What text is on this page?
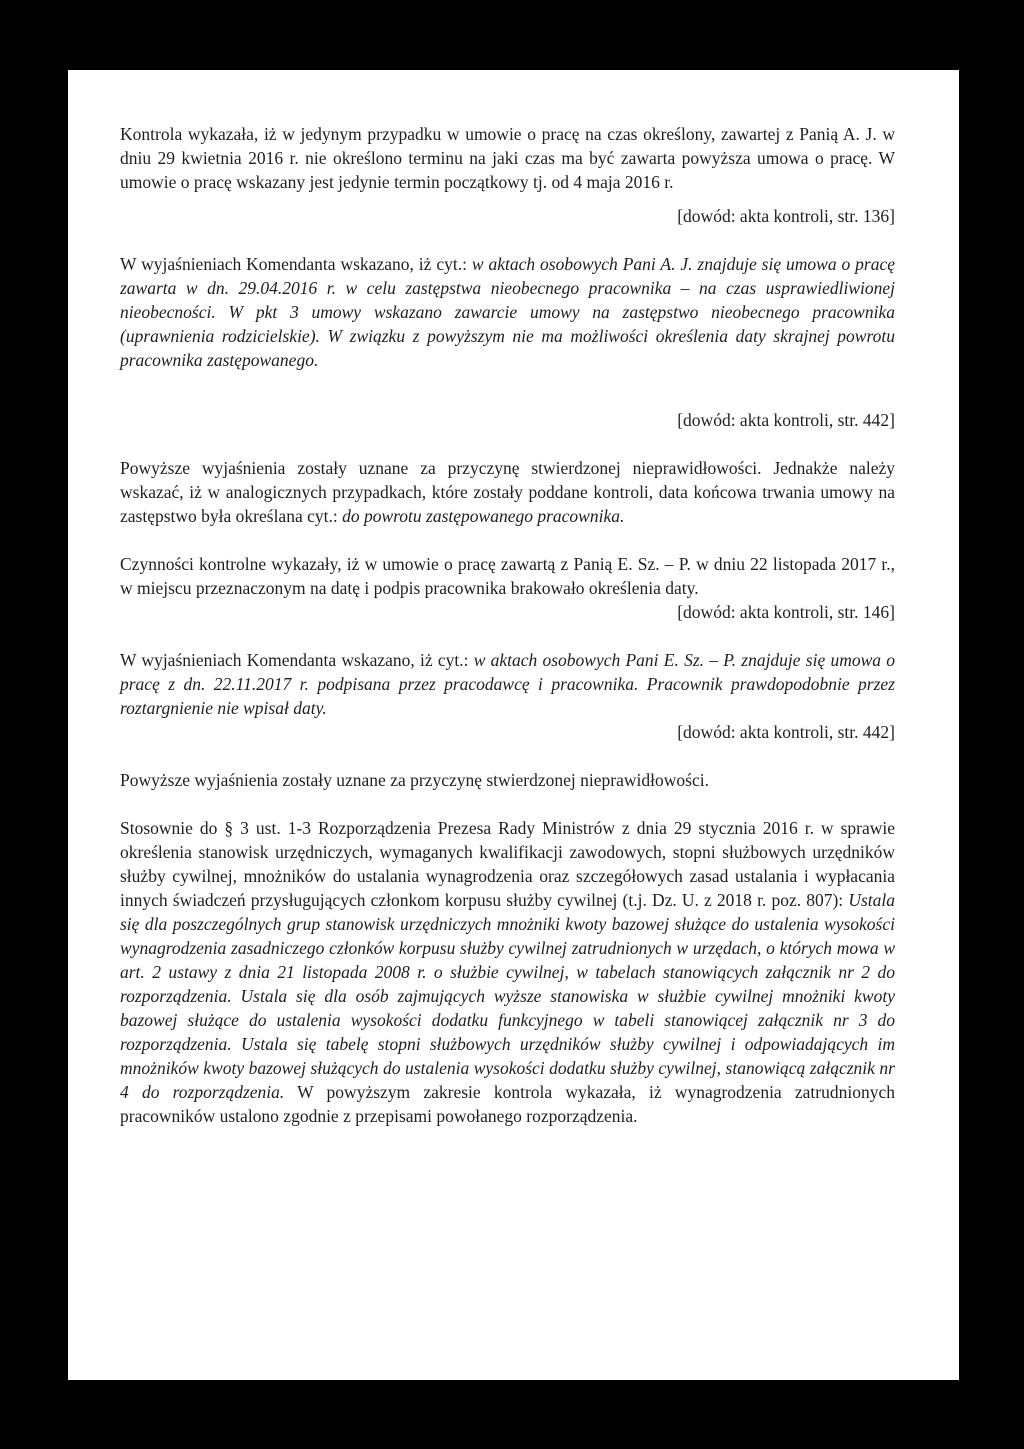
Kontrola wykazała, iż w jedynym przypadku w umowie o pracę na czas określony, zawartej z Panią A. J. w dniu 29 kwietnia 2016 r. nie określono terminu na jaki czas ma być zawarta powyższa umowa o pracę. W umowie o pracę wskazany jest jedynie termin początkowy tj. od 4 maja 2016 r.

[dowód: akta kontroli, str. 136]

W wyjaśnieniach Komendanta wskazano, iż cyt.: w aktach osobowych Pani A. J. znajduje się umowa o pracę zawarta w dn. 29.04.2016 r. w celu zastępstwa nieobecnego pracownika – na czas usprawiedliwionej nieobecności. W pkt 3 umowy wskazano zawarcie umowy na zastępstwo nieobecnego pracownika (uprawnienia rodzicielskie). W związku z powyższym nie ma możliwości określenia daty skrajnej powrotu pracownika zastępowanego.

[dowód: akta kontroli, str. 442]

Powyższe wyjaśnienia zostały uznane za przyczynę stwierdzonej nieprawidłowości. Jednakże należy wskazać, iż w analogicznych przypadkach, które zostały poddane kontroli, data końcowa trwania umowy na zastępstwo była określana cyt.: do powrotu zastępowanego pracownika.

Czynności kontrolne wykazały, iż w umowie o pracę zawartą z Panią E. Sz. – P. w dniu 22 listopada 2017 r., w miejscu przeznaczonym na datę i podpis pracownika brakowało określenia daty.

[dowód: akta kontroli, str. 146]

W wyjaśnieniach Komendanta wskazano, iż cyt.: w aktach osobowych Pani E. Sz. – P. znajduje się umowa o pracę z dn. 22.11.2017 r. podpisana przez pracodawcę i pracownika. Pracownik prawdopodobnie przez roztargnienie nie wpisał daty.

[dowód: akta kontroli, str. 442]

Powyższe wyjaśnienia zostały uznane za przyczynę stwierdzonej nieprawidłowości.

Stosownie do § 3 ust. 1-3 Rozporządzenia Prezesa Rady Ministrów z dnia 29 stycznia 2016 r. w sprawie określenia stanowisk urzędniczych, wymaganych kwalifikacji zawodowych, stopni służbowych urzędników służby cywilnej, mnożników do ustalania wynagrodzenia oraz szczegółowych zasad ustalania i wypłacania innych świadczeń przysługujących członkom korpusu służby cywilnej (t.j. Dz. U. z 2018 r. poz. 807): Ustala się dla poszczególnych grup stanowisk urzędniczych mnożniki kwoty bazowej służące do ustalenia wysokości wynagrodzenia zasadniczego członków korpusu służby cywilnej zatrudnionych w urzędach, o których mowa w art. 2 ustawy z dnia 21 listopada 2008 r. o służbie cywilnej, w tabelach stanowiących załącznik nr 2 do rozporządzenia. Ustala się dla osób zajmujących wyższe stanowiska w służbie cywilnej mnożniki kwoty bazowej służące do ustalenia wysokości dodatku funkcyjnego w tabeli stanowiącej załącznik nr 3 do rozporządzenia. Ustala się tabelę stopni służbowych urzędników służby cywilnej i odpowiadających im mnożników kwoty bazowej służących do ustalenia wysokości dodatku służby cywilnej, stanowiącą załącznik nr 4 do rozporządzenia. W powyższym zakresie kontrola wykazała, iż wynagrodzenia zatrudnionych pracowników ustalono zgodnie z przepisami powołanego rozporządzenia.
